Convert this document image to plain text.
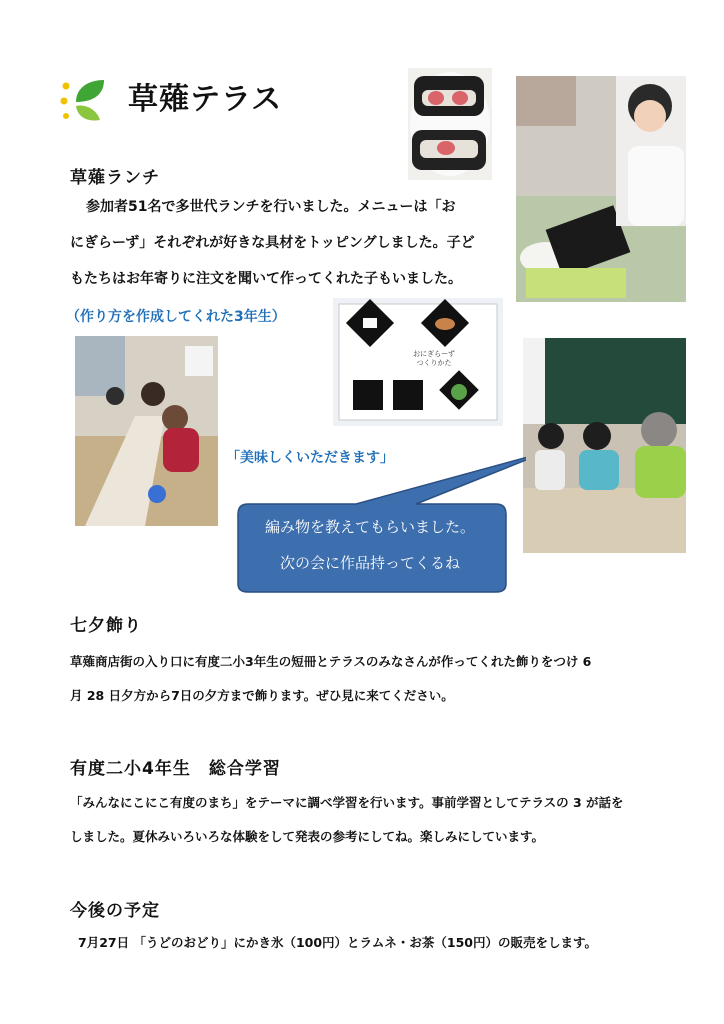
草薙テラス
草薙ランチ
参加者51名で多世代ランチを行いました。メニューは「お
にぎらーず」それぞれが好きな具材をトッピングしました。子ど
もたちはお年寄りに注文を聞いて作ってくれた子もいました。
（作り方を作成してくれた3年生）
おにぎらーず
つくりかた
「美味しくいただきます」
編み物を教えてもらいました。
次の会に作品持ってくるね
七夕飾り
草薙商店街の入り口に有度二小3年生の短冊とテラスのみなさんが作ってくれた飾りをつけ 6
月 28 日夕方から7日の夕方まで飾ります。ぜひ見に来てください。
有度二小4年生　総合学習
「みんなにこにこ有度のまち」をテーマに調べ学習を行います。事前学習としてテラスの 3 が話を
しました。夏休みいろいろな体験をして発表の参考にしてね。楽しみにしています。
今後の予定
7月27日 「うどのおどり」にかき氷（100円）とラムネ・お茶（150円）の販売をします。
